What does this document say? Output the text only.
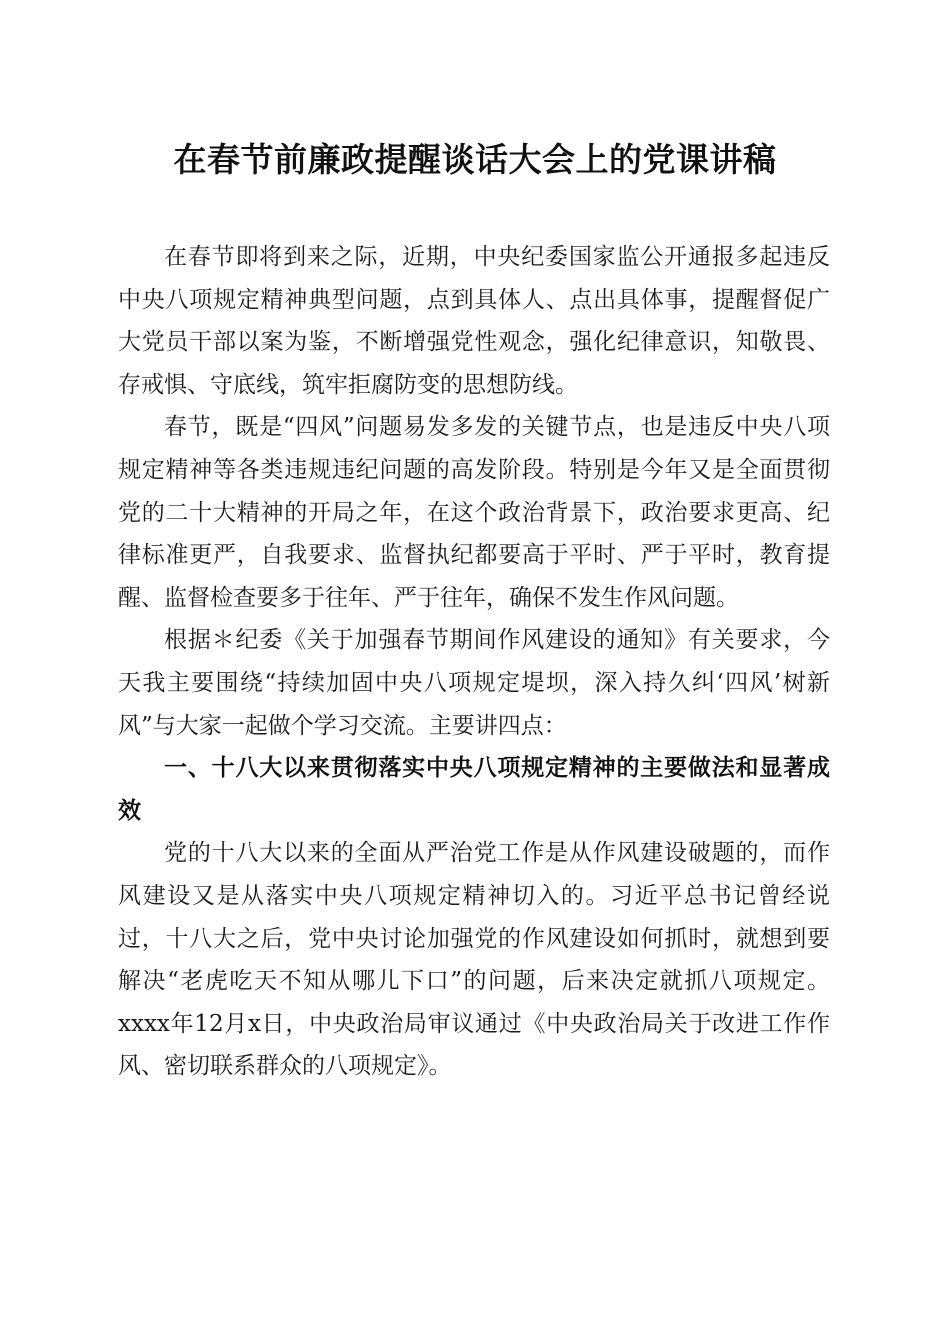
在春节前廉政提醒谈话大会上的党课讲稿

在春节即将到来之际，近期，中央纪委国家监公开通报多起违反中央八项规定精神典型问题，点到具体人、点出具体事，提醒督促广大党员干部以案为鉴，不断增强党性观念，强化纪律意识，知敬畏、存戒惧、守底线，筑牢拒腐防变的思想防线。

春节，既是“四风”问题易发多发的关键节点，也是违反中央八项规定精神等各类违规违纪问题的高发阶段。特别是今年又是全面贯彻党的二十大精神的开局之年，在这个政治背景下，政治要求更高、纪律标准更严，自我要求、监督执纪都要高于平时、严于平时，教育提醒、监督检查要多于往年、严于往年，确保不发生作风问题。

根据＊纪委《关于加强春节期间作风建设的通知》有关要求，今天我主要围绕“持续加固中央八项规定堤坝，深入持久纠‘四风’树新风”与大家一起做个学习交流。主要讲四点：

一、十八大以来贯彻落实中央八项规定精神的主要做法和显著成效

党的十八大以来的全面从严治党工作是从作风建设破题的，而作风建设又是从落实中央八项规定精神切入的。习近平总书记曾经说过，十八大之后，党中央讨论加强党的作风建设如何抓时，就想到要解决“老虎吃天不知从哪儿下口”的问题，后来决定就抓八项规定。xxxx年12月x日，中央政治局审议通过《中央政治局关于改进工作作风、密切联系群众的八项规定》。
